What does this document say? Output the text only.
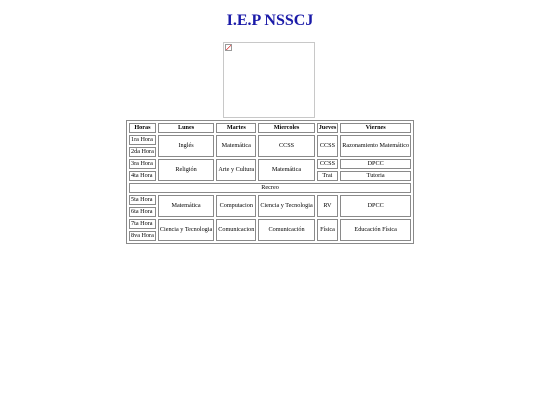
I.E.P NSSCJ
Horas	Lunes	Martes	Miercoles	Jueves	Viernes
1ra Hora	Inglés	Matemática	CCSS	CCSS	Razonamiento Matemático
2da Hora					
3ra Hora	Religión	Arte y Cultura	Matemática	CCSS	DPCC
4ta Hora				Trai	Tutoria
Recreo					
5ta Hora	Matemática	Computacion	Ciencia y Tecnologia	RV	DPCC
6ta Hora					
7ta Hora	Ciencia y Tecnologia	Comunicacion	Comunicación	Física	Educación Física
8va Hora					
